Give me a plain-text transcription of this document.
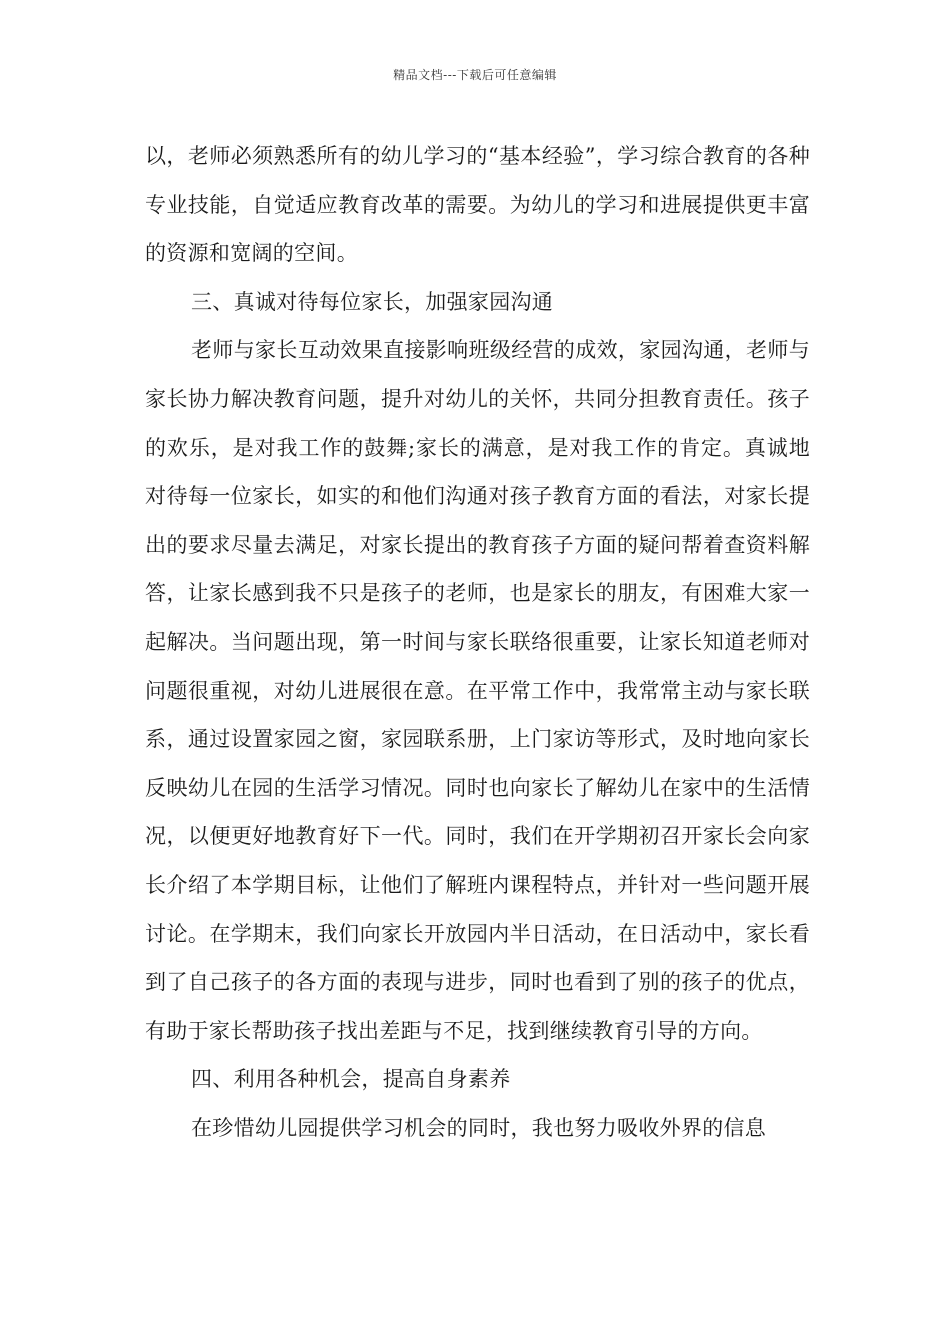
精品文档---下载后可任意编辑

以，老师必须熟悉所有的幼儿学习的“基本经验”，学习综合教育的各种专业技能，自觉适应教育改革的需要。为幼儿的学习和进展提供更丰富的资源和宽阔的空间。

三、真诚对待每位家长，加强家园沟通

老师与家长互动效果直接影响班级经营的成效，家园沟通，老师与家长协力解决教育问题，提升对幼儿的关怀，共同分担教育责任。孩子的欢乐，是对我工作的鼓舞;家长的满意，是对我工作的肯定。真诚地对待每一位家长，如实的和他们沟通对孩子教育方面的看法，对家长提出的要求尽量去满足，对家长提出的教育孩子方面的疑问帮着查资料解答，让家长感到我不只是孩子的老师，也是家长的朋友，有困难大家一起解决。当问题出现，第一时间与家长联络很重要，让家长知道老师对问题很重视，对幼儿进展很在意。在平常工作中，我常常主动与家长联系，通过设置家园之窗，家园联系册，上门家访等形式，及时地向家长反映幼儿在园的生活学习情况。同时也向家长了解幼儿在家中的生活情况，以便更好地教育好下一代。同时，我们在开学期初召开家长会向家长介绍了本学期目标，让他们了解班内课程特点，并针对一些问题开展讨论。在学期末，我们向家长开放园内半日活动，在日活动中，家长看到了自己孩子的各方面的表现与进步，同时也看到了别的孩子的优点，有助于家长帮助孩子找出差距与不足，找到继续教育引导的方向。

四、利用各种机会，提高自身素养

在珍惜幼儿园提供学习机会的同时，我也努力吸收外界的信息
